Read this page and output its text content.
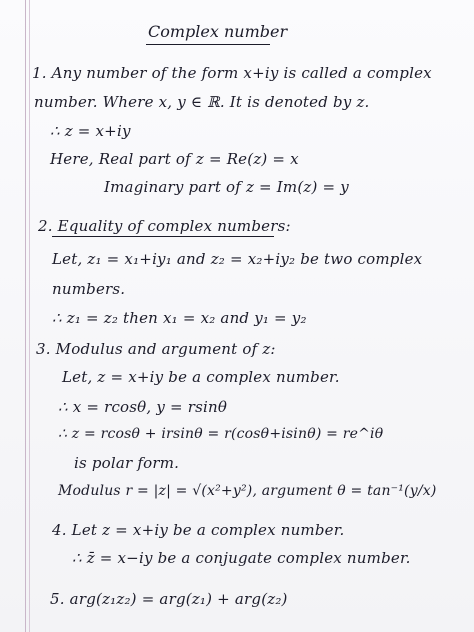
Complex number
1. Any number of the form x+iy is called a complex
number. Where x, y ∈ ℝ. It is denoted by z.
∴ z = x+iy
Here, Real part of z = Re(z) = x
Imaginary part of z = Im(z) = y
2. Equality of complex numbers:
Let, z₁ = x₁+iy₁ and z₂ = x₂+iy₂ be two complex
numbers.
∴ z₁ = z₂ then x₁ = x₂ and y₁ = y₂
3. Modulus and argument of z:
Let, z = x+iy be a complex number.
∴ x = rcosθ, y = rsinθ
∴ z = rcosθ + irsinθ = r(cosθ+isinθ) = re^iθ
is polar form.
Modulus r = |z| = √(x²+y²), argument θ = tan⁻¹(y/x)
4. Let z = x+iy be a complex number.
∴ z̄ = x−iy be a conjugate complex number.
5. arg(z₁z₂) = arg(z₁) + arg(z₂)
